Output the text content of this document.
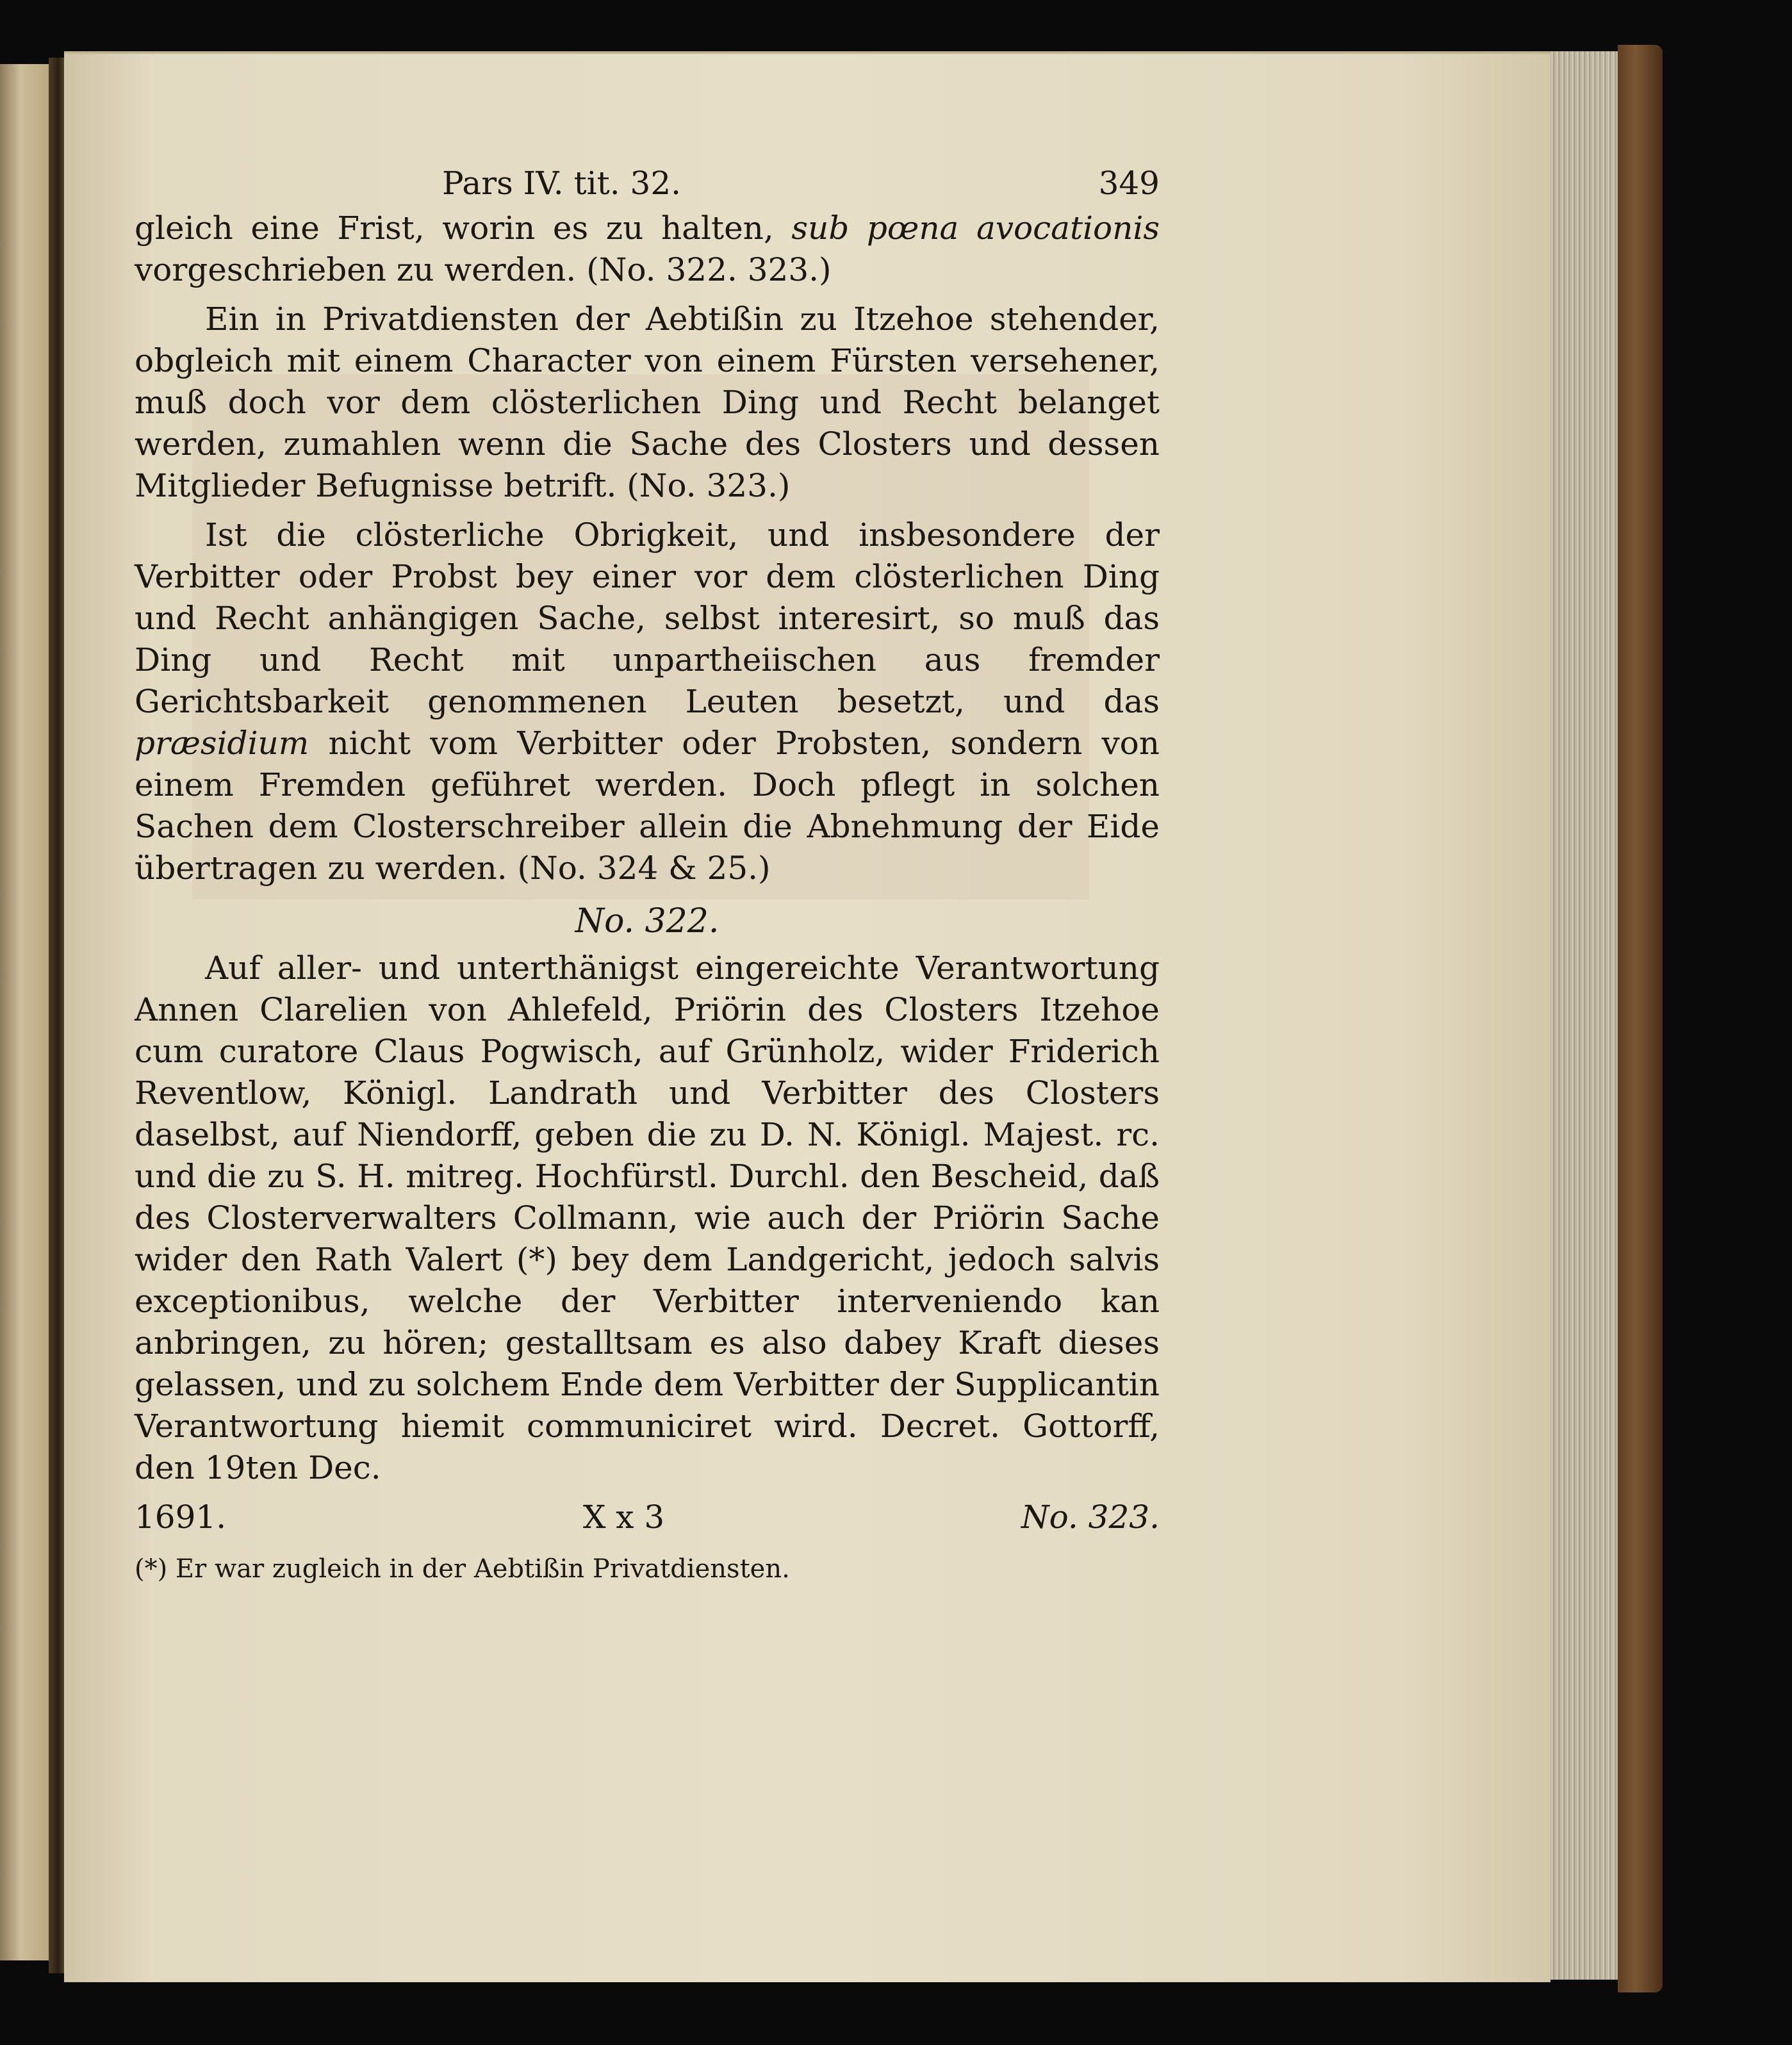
Pars IV. tit. 32.	349

gleich eine Frist, worin es zu halten, sub pœna avocationis vorgeschrieben zu werden. (No. 322. 323.)

Ein in Privatdiensten der Aebtißin zu Itzehoe stehender, obgleich mit einem Character von einem Fürsten versehener, muß doch vor dem clösterlichen Ding und Recht belanget werden, zumahlen wenn die Sache des Closters und dessen Mitglieder Befugnisse betrift. (No. 323.)

Ist die clösterliche Obrigkeit, und insbesondere der Verbitter oder Probst bey einer vor dem clösterlichen Ding und Recht anhängigen Sache, selbst interesirt, so muß das Ding und Recht mit unpartheiischen aus fremder Gerichtsbarkeit genommenen Leuten besetzt, und das præsidium nicht vom Verbitter oder Probsten, sondern von einem Fremden geführet werden. Doch pflegt in solchen Sachen dem Closterschreiber allein die Abnehmung der Eide übertragen zu werden. (No. 324 & 25.)

No. 322.

Auf aller- und unterthänigst eingereichte Verantwortung Annen Clarelien von Ahlefeld, Priörin des Closters Itzehoe cum curatore Claus Pogwisch, auf Grünholz, wider Friderich Reventlow, Königl. Landrath und Verbitter des Closters daselbst, auf Niendorff, geben die zu D. N. Königl. Majest. rc. und die zu S. H. mitreg. Hochfürstl. Durchl. den Bescheid, daß des Closterverwalters Collmann, wie auch der Priörin Sache wider den Rath Valert (*) bey dem Landgericht, jedoch salvis exceptionibus, welche der Verbitter interveniendo kan anbringen, zu hören; gestalltsam es also dabey Kraft dieses gelassen, und zu solchem Ende dem Verbitter der Supplicantin Verantwortung hiemit communiciret wird. Decret. Gottorff, den 19ten Dec.

1691.	X x 3	No. 323.
(*) Er war zugleich in der Aebtißin Privatdiensten.
